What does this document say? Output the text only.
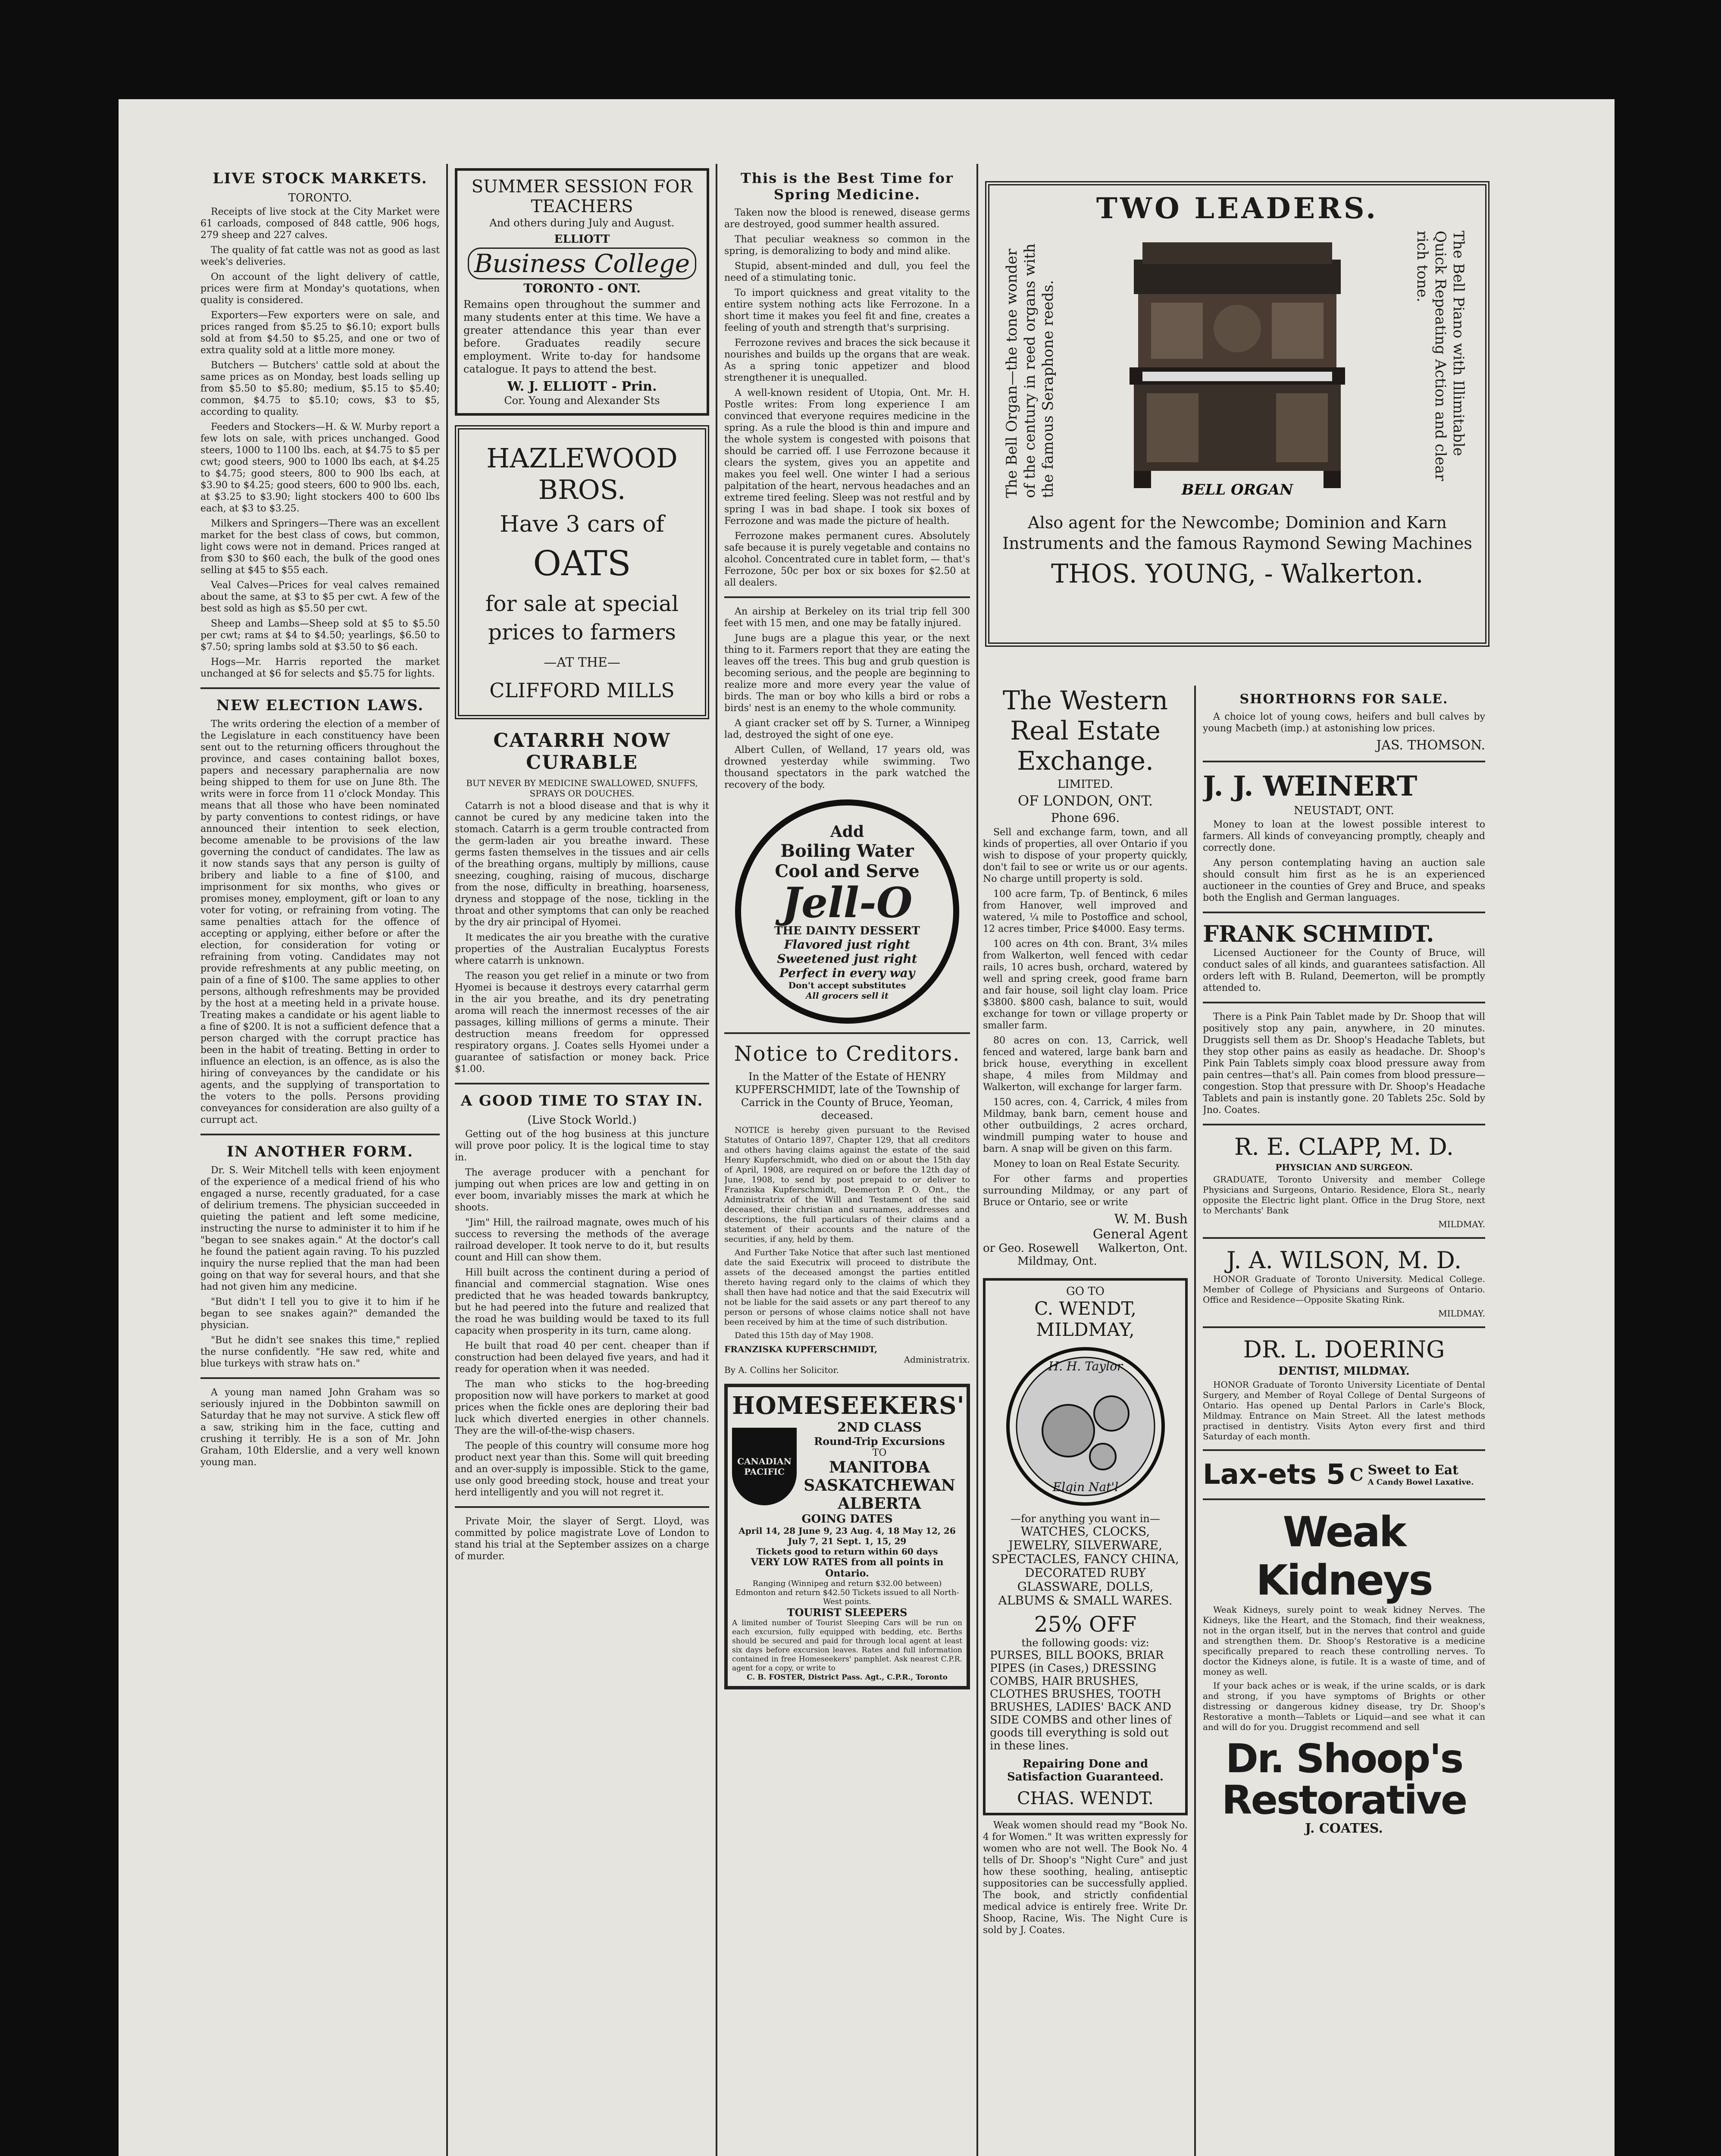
LIVE STOCK MARKETS.
TORONTO.

Receipts of live stock at the City Market were 61 carloads, composed of 848 cattle, 906 hogs, 279 sheep and 227 calves.

The quality of fat cattle was not as good as last week's deliveries.

On account of the light delivery of cattle, prices were firm at Monday's quotations, when quality is considered.

Exporters—Few exporters were on sale, and prices ranged from $5.25 to $6.10; export bulls sold at from $4.50 to $5.25, and one or two of extra quality sold at a little more money.

Butchers — Butchers' cattle sold at about the same prices as on Monday, best loads selling up from $5.50 to $5.80; medium, $5.15 to $5.40; common, $4.75 to $5.10; cows, $3 to $5, according to quality.

Feeders and Stockers—H. & W. Murby report a few lots on sale, with prices unchanged. Good steers, 1000 to 1100 lbs. each, at $4.75 to $5 per cwt; good steers, 900 to 1000 lbs each, at $4.25 to $4.75; good steers, 800 to 900 lbs each, at $3.90 to $4.25; good steers, 600 to 900 lbs. each, at $3.25 to $3.90; light stockers 400 to 600 lbs each, at $3 to $3.25.

Milkers and Springers—There was an excellent market for the best class of cows, but common, light cows were not in demand. Prices ranged at from $30 to $60 each, the bulk of the good ones selling at $45 to $55 each.

Veal Calves—Prices for veal calves remained about the same, at $3 to $5 per cwt. A few of the best sold as high as $5.50 per cwt.

Sheep and Lambs—Sheep sold at $5 to $5.50 per cwt; rams at $4 to $4.50; yearlings, $6.50 to $7.50; spring lambs sold at $3.50 to $6 each.

Hogs—Mr. Harris reported the market unchanged at $6 for selects and $5.75 for lights.

NEW ELECTION LAWS.

The writs ordering the election of a member of the Legislature in each constituency have been sent out to the returning officers throughout the province, and cases containing ballot boxes, papers and necessary paraphernalia are now being shipped to them for use on June 8th. The writs were in force from 11 o'clock Monday. This means that all those who have been nominated by party conventions to contest ridings, or have announced their intention to seek election, become amenable to be provisions of the law governing the conduct of candidates. The law as it now stands says that any person is guilty of bribery and liable to a fine of $100, and imprisonment for six months, who gives or promises money, employment, gift or loan to any voter for voting, or refraining from voting. The same penalties attach for the offence of accepting or applying, either before or after the election, for consideration for voting or refraining from voting. Candidates may not provide refreshments at any public meeting, on pain of a fine of $100. The same applies to other persons, although refreshments may be provided by the host at a meeting held in a private house. Treating makes a candidate or his agent liable to a fine of $200. It is not a sufficient defence that a person charged with the corrupt practice has been in the habit of treating. Betting in order to influence an election, is an offence, as is also the hiring of conveyances by the candidate or his agents, and the supplying of transportation to the voters to the polls. Persons providing conveyances for consideration are also guilty of a currupt act.

IN ANOTHER FORM.

Dr. S. Weir Mitchell tells with keen enjoyment of the experience of a medical friend of his who engaged a nurse, recently graduated, for a case of delirium tremens. The physician succeeded in quieting the patient and left some medicine, instructing the nurse to administer it to him if he "began to see snakes again." At the doctor's call he found the patient again raving. To his puzzled inquiry the nurse replied that the man had been going on that way for several hours, and that she had not given him any medicine.

"But didn't I tell you to give it to him if he began to see snakes again?" demanded the physician.

"But he didn't see snakes this time," replied the nurse confidently. "He saw red, white and blue turkeys with straw hats on."

A young man named John Graham was so seriously injured in the Dobbinton sawmill on Saturday that he may not survive. A stick flew off a saw, striking him in the face, cutting and crushing it terribly. He is a son of Mr. John Graham, 10th Elderslie, and a very well known young man.

SUMMER SESSION FOR TEACHERS
And others during July and August.
ELLIOTT
Business College
TORONTO - ONT.
Remains open throughout the summer and many students enter at this time. We have a greater attendance this year than ever before. Graduates readily secure employment. Write to-day for handsome catalogue. It pays to attend the best.
W. J. ELLIOTT - Prin.
Cor. Young and Alexander Sts
HAZLEWOOD
BROS.
Have 3 cars of
OATS
for sale at special prices to farmers
—AT THE—
CLIFFORD MILLS
CATARRH NOW CURABLE
BUT NEVER BY MEDICINE SWALLOWED, SNUFFS, SPRAYS OR DOUCHES.

Catarrh is not a blood disease and that is why it cannot be cured by any medicine taken into the stomach. Catarrh is a germ trouble contracted from the germ-laden air you breathe inward. These germs fasten themselves in the tissues and air cells of the breathing organs, multiply by millions, cause sneezing, coughing, raising of mucous, discharge from the nose, difficulty in breathing, hoarseness, dryness and stoppage of the nose, tickling in the throat and other symptoms that can only be reached by the dry air principal of Hyomei.

It medicates the air you breathe with the curative properties of the Australian Eucalyptus Forests where catarrh is unknown.

The reason you get relief in a minute or two from Hyomei is because it destroys every catarrhal germ in the air you breathe, and its dry penetrating aroma will reach the innermost recesses of the air passages, killing millions of germs a minute. Their destruction means freedom for oppressed respiratory organs. J. Coates sells Hyomei under a guarantee of satisfaction or money back. Price $1.00.

A GOOD TIME TO STAY IN.
(Live Stock World.)

Getting out of the hog business at this juncture will prove poor policy. It is the logical time to stay in.

The average producer with a penchant for jumping out when prices are low and getting in on ever boom, invariably misses the mark at which he shoots.

"Jim" Hill, the railroad magnate, owes much of his success to reversing the methods of the average railroad developer. It took nerve to do it, but results count and Hill can show them.

Hill built across the continent during a period of financial and commercial stagnation. Wise ones predicted that he was headed towards bankruptcy, but he had peered into the future and realized that the road he was building would be taxed to its full capacity when prosperity in its turn, came along.

He built that road 40 per cent. cheaper than if construction had been delayed five years, and had it ready for operation when it was needed.

The man who sticks to the hog-breeding proposition now will have porkers to market at good prices when the fickle ones are deploring their bad luck which diverted energies in other channels. They are the will-of-the-wisp chasers.

The people of this country will consume more hog product next year than this. Some will quit breeding and an over-supply is impossible. Stick to the game, use only good breeding stock, house and treat your herd intelligently and you will not regret it.

Private Moir, the slayer of Sergt. Lloyd, was committed by police magistrate Love of London to stand his trial at the September assizes on a charge of murder.

This is the Best Time for Spring Medicine.

Taken now the blood is renewed, disease germs are destroyed, good summer health assured.

That peculiar weakness so common in the spring, is demoralizing to body and mind alike.

Stupid, absent-minded and dull, you feel the need of a stimulating tonic.

To import quickness and great vitality to the entire system nothing acts like Ferrozone. In a short time it makes you feel fit and fine, creates a feeling of youth and strength that's surprising.

Ferrozone revives and braces the sick because it nourishes and builds up the organs that are weak. As a spring tonic appetizer and blood strengthener it is unequalled.

A well-known resident of Utopia, Ont. Mr. H. Postle writes: From long experience I am convinced that everyone requires medicine in the spring. As a rule the blood is thin and impure and the whole system is congested with poisons that should be carried off. I use Ferrozone because it clears the system, gives you an appetite and makes you feel well. One winter I had a serious palpitation of the heart, nervous headaches and an extreme tired feeling. Sleep was not restful and by spring I was in bad shape. I took six boxes of Ferrozone and was made the picture of health.

Ferrozone makes permanent cures. Absolutely safe because it is purely vegetable and contains no alcohol. Concentrated cure in tablet form, — that's Ferrozone, 50c per box or six boxes for $2.50 at all dealers.

An airship at Berkeley on its trial trip fell 300 feet with 15 men, and one may be fatally injured.

June bugs are a plague this year, or the next thing to it. Farmers report that they are eating the leaves off the trees. This bug and grub question is becoming serious, and the people are beginning to realize more and more every year the value of birds. The man or boy who kills a bird or robs a birds' nest is an enemy to the whole community.

A giant cracker set off by S. Turner, a Winnipeg lad, destroyed the sight of one eye.

Albert Cullen, of Welland, 17 years old, was drowned yesterday while swimming. Two thousand spectators in the park watched the recovery of the body.

Add
Boiling Water
Cool and Serve
Jell-O
THE DAINTY DESSERT
Flavored just right
Sweetened just right
Perfect in every way
Don't accept substitutes
All grocers sell it
Notice to Creditors.
In the Matter of the Estate of HENRY KUPFERSCHMIDT, late of the Township of Carrick in the County of Bruce, Yeoman, deceased.

NOTICE is hereby given pursuant to the Revised Statutes of Ontario 1897, Chapter 129, that all creditors and others having claims against the estate of the said Henry Kupferschmidt, who died on or about the 15th day of April, 1908, are required on or before the 12th day of June, 1908, to send by post prepaid to or deliver to Franziska Kupferschmidt, Deemerton P. O. Ont., the Administratrix of the Will and Testament of the said deceased, their christian and surnames, addresses and descriptions, the full particulars of their claims and a statement of their accounts and the nature of the securities, if any, held by them.

And Further Take Notice that after such last mentioned date the said Executrix will proceed to distribute the assets of the deceased amongst the parties entitled thereto having regard only to the claims of which they shall then have had notice and that the said Executrix will not be liable for the said assets or any part thereof to any person or persons of whose claims notice shall not have been received by him at the time of such distribution.

Dated this 15th day of May 1908.

FRANZISKA KUPFERSCHMIDT,
Administratrix.
By A. Collins her Solicitor.
HOMESEEKERS'
CANADIAN PACIFIC
2ND CLASS
Round-Trip Excursions
TO
MANITOBA
SASKATCHEWAN
ALBERTA
GOING DATES
April 14, 28 June 9, 23 Aug. 4, 18 May 12, 26 July 7, 21 Sept. 1, 15, 29
Tickets good to return within 60 days
VERY LOW RATES from all points in Ontario.
Ranging (Winnipeg and return $32.00 between) Edmonton and return $42.50 Tickets issued to all North-West points.
TOURIST SLEEPERS
A limited number of Tourist Sleeping Cars will be run on each excursion, fully equipped with bedding, etc. Berths should be secured and paid for through local agent at least six days before excursion leaves. Rates and full information contained in free Homeseekers' pamphlet. Ask nearest C.P.R. agent for a copy, or write to
C. B. FOSTER, District Pass. Agt., C.P.R., Toronto
TWO LEADERS.
The Bell Organ—the tone wonder of the century in reed organs with the famous Seraphone reeds.	BELL ORGAN
The Bell Piano with Illimitable Quick Repeating Action and clear rich tone.
Also agent for the Newcombe; Dominion and Karn Instruments and the famous Raymond Sewing Machines
THOS. YOUNG, - Walkerton.
The Western Real Estate Exchange.
LIMITED.
OF LONDON, ONT.
Phone 696.

Sell and exchange farm, town, and all kinds of properties, all over Ontario if you wish to dispose of your property quickly, don't fail to see or write us or our agents. No charge untill property is sold.

100 acre farm, Tp. of Bentinck, 6 miles from Hanover, well improved and watered, ¼ mile to Postoffice and school, 12 acres timber, Price $4000. Easy terms.

100 acres on 4th con. Brant, 3¼ miles from Walkerton, well fenced with cedar rails, 10 acres bush, orchard, watered by well and spring creek, good frame barn and fair house, soil light clay loam. Price $3800. $800 cash, balance to suit, would exchange for town or village property or smaller farm.

80 acres on con. 13, Carrick, well fenced and watered, large bank barn and brick house, everything in excellent shape, 4 miles from Mildmay and Walkerton, will exchange for larger farm.

150 acres, con. 4, Carrick, 4 miles from Mildmay, bank barn, cement house and other outbuildings, 2 acres orchard, windmill pumping water to house and barn. A snap will be given on this farm.

Money to loan on Real Estate Security.

For other farms and properties surrounding Mildmay, or any part of Bruce or Ontario, see or write

W. M. Bush
General Agent
or Geo. Rosewell Walkerton, Ont.
Mildmay, Ont.
GO TO
C. WENDT, MILDMAY,
H. H. Taylor
Elgin Nat'l
—for anything you want in—
WATCHES, CLOCKS, JEWELRY, SILVERWARE, SPECTACLES, FANCY CHINA, DECORATED RUBY GLASSWARE, DOLLS, ALBUMS & SMALL WARES.
25% OFF
the following goods: viz:
PURSES, BILL BOOKS, BRIAR PIPES (in Cases,) DRESSING COMBS, HAIR BRUSHES, CLOTHES BRUSHES, TOOTH BRUSHES, LADIES' BACK AND SIDE COMBS and other lines of goods till everything is sold out in these lines.
Repairing Done and Satisfaction Guaranteed.
CHAS. WENDT.

Weak women should read my "Book No. 4 for Women." It was written expressly for women who are not well. The Book No. 4 tells of Dr. Shoop's "Night Cure" and just how these soothing, healing, antiseptic suppositories can be successfully applied. The book, and strictly confidential medical advice is entirely free. Write Dr. Shoop, Racine, Wis. The Night Cure is sold by J. Coates.

SHORTHORNS FOR SALE.

A choice lot of young cows, heifers and bull calves by young Macbeth (imp.) at astonishing low prices.

JAS. THOMSON.
J. J. WEINERT
NEUSTADT, ONT.

Money to loan at the lowest possible interest to farmers. All kinds of conveyancing promptly, cheaply and correctly done.

Any person contemplating having an auction sale should consult him first as he is an experienced auctioneer in the counties of Grey and Bruce, and speaks both the English and German languages.

FRANK SCHMIDT.

Licensed Auctioneer for the County of Bruce, will conduct sales of all kinds, and guarantees satisfaction. All orders left with B. Ruland, Deemerton, will be promptly attended to.

There is a Pink Pain Tablet made by Dr. Shoop that will positively stop any pain, anywhere, in 20 minutes. Druggists sell them as Dr. Shoop's Headache Tablets, but they stop other pains as easily as headache. Dr. Shoop's Pink Pain Tablets simply coax blood pressure away from pain centres—that's all. Pain comes from blood pressure—congestion. Stop that pressure with Dr. Shoop's Headache Tablets and pain is instantly gone. 20 Tablets 25c. Sold by Jno. Coates.

R. E. CLAPP, M. D.
PHYSICIAN AND SURGEON.

GRADUATE, Toronto University and member College Physicians and Surgeons, Ontario. Residence, Elora St., nearly opposite the Electric light plant. Office in the Drug Store, next to Merchants' Bank

MILDMAY.
J. A. WILSON, M. D.

HONOR Graduate of Toronto University. Medical College. Member of College of Physicians and Surgeons of Ontario. Office and Residence—Opposite Skating Rink.

MILDMAY.
DR. L. DOERING
DENTIST, MILDMAY.

HONOR Graduate of Toronto University Licentiate of Dental Surgery, and Member of Royal College of Dental Surgeons of Ontario. Has opened up Dental Parlors in Carle's Block, Mildmay. Entrance on Main Street. All the latest methods practised in dentistry. Visits Ayton every first and third Saturday of each month.

Lax-ets 5 C Sweet to Eat
A Candy Bowel Laxative.
Weak Kidneys

Weak Kidneys, surely point to weak kidney Nerves. The Kidneys, like the Heart, and the Stomach, find their weakness, not in the organ itself, but in the nerves that control and guide and strengthen them. Dr. Shoop's Restorative is a medicine specifically prepared to reach these controlling nerves. To doctor the Kidneys alone, is futile. It is a waste of time, and of money as well.

If your back aches or is weak, if the urine scalds, or is dark and strong, if you have symptoms of Brights or other distressing or dangerous kidney disease, try Dr. Shoop's Restorative a month—Tablets or Liquid—and see what it can and will do for you. Druggist recommend and sell

Dr. Shoop's Restorative
J. COATES.
